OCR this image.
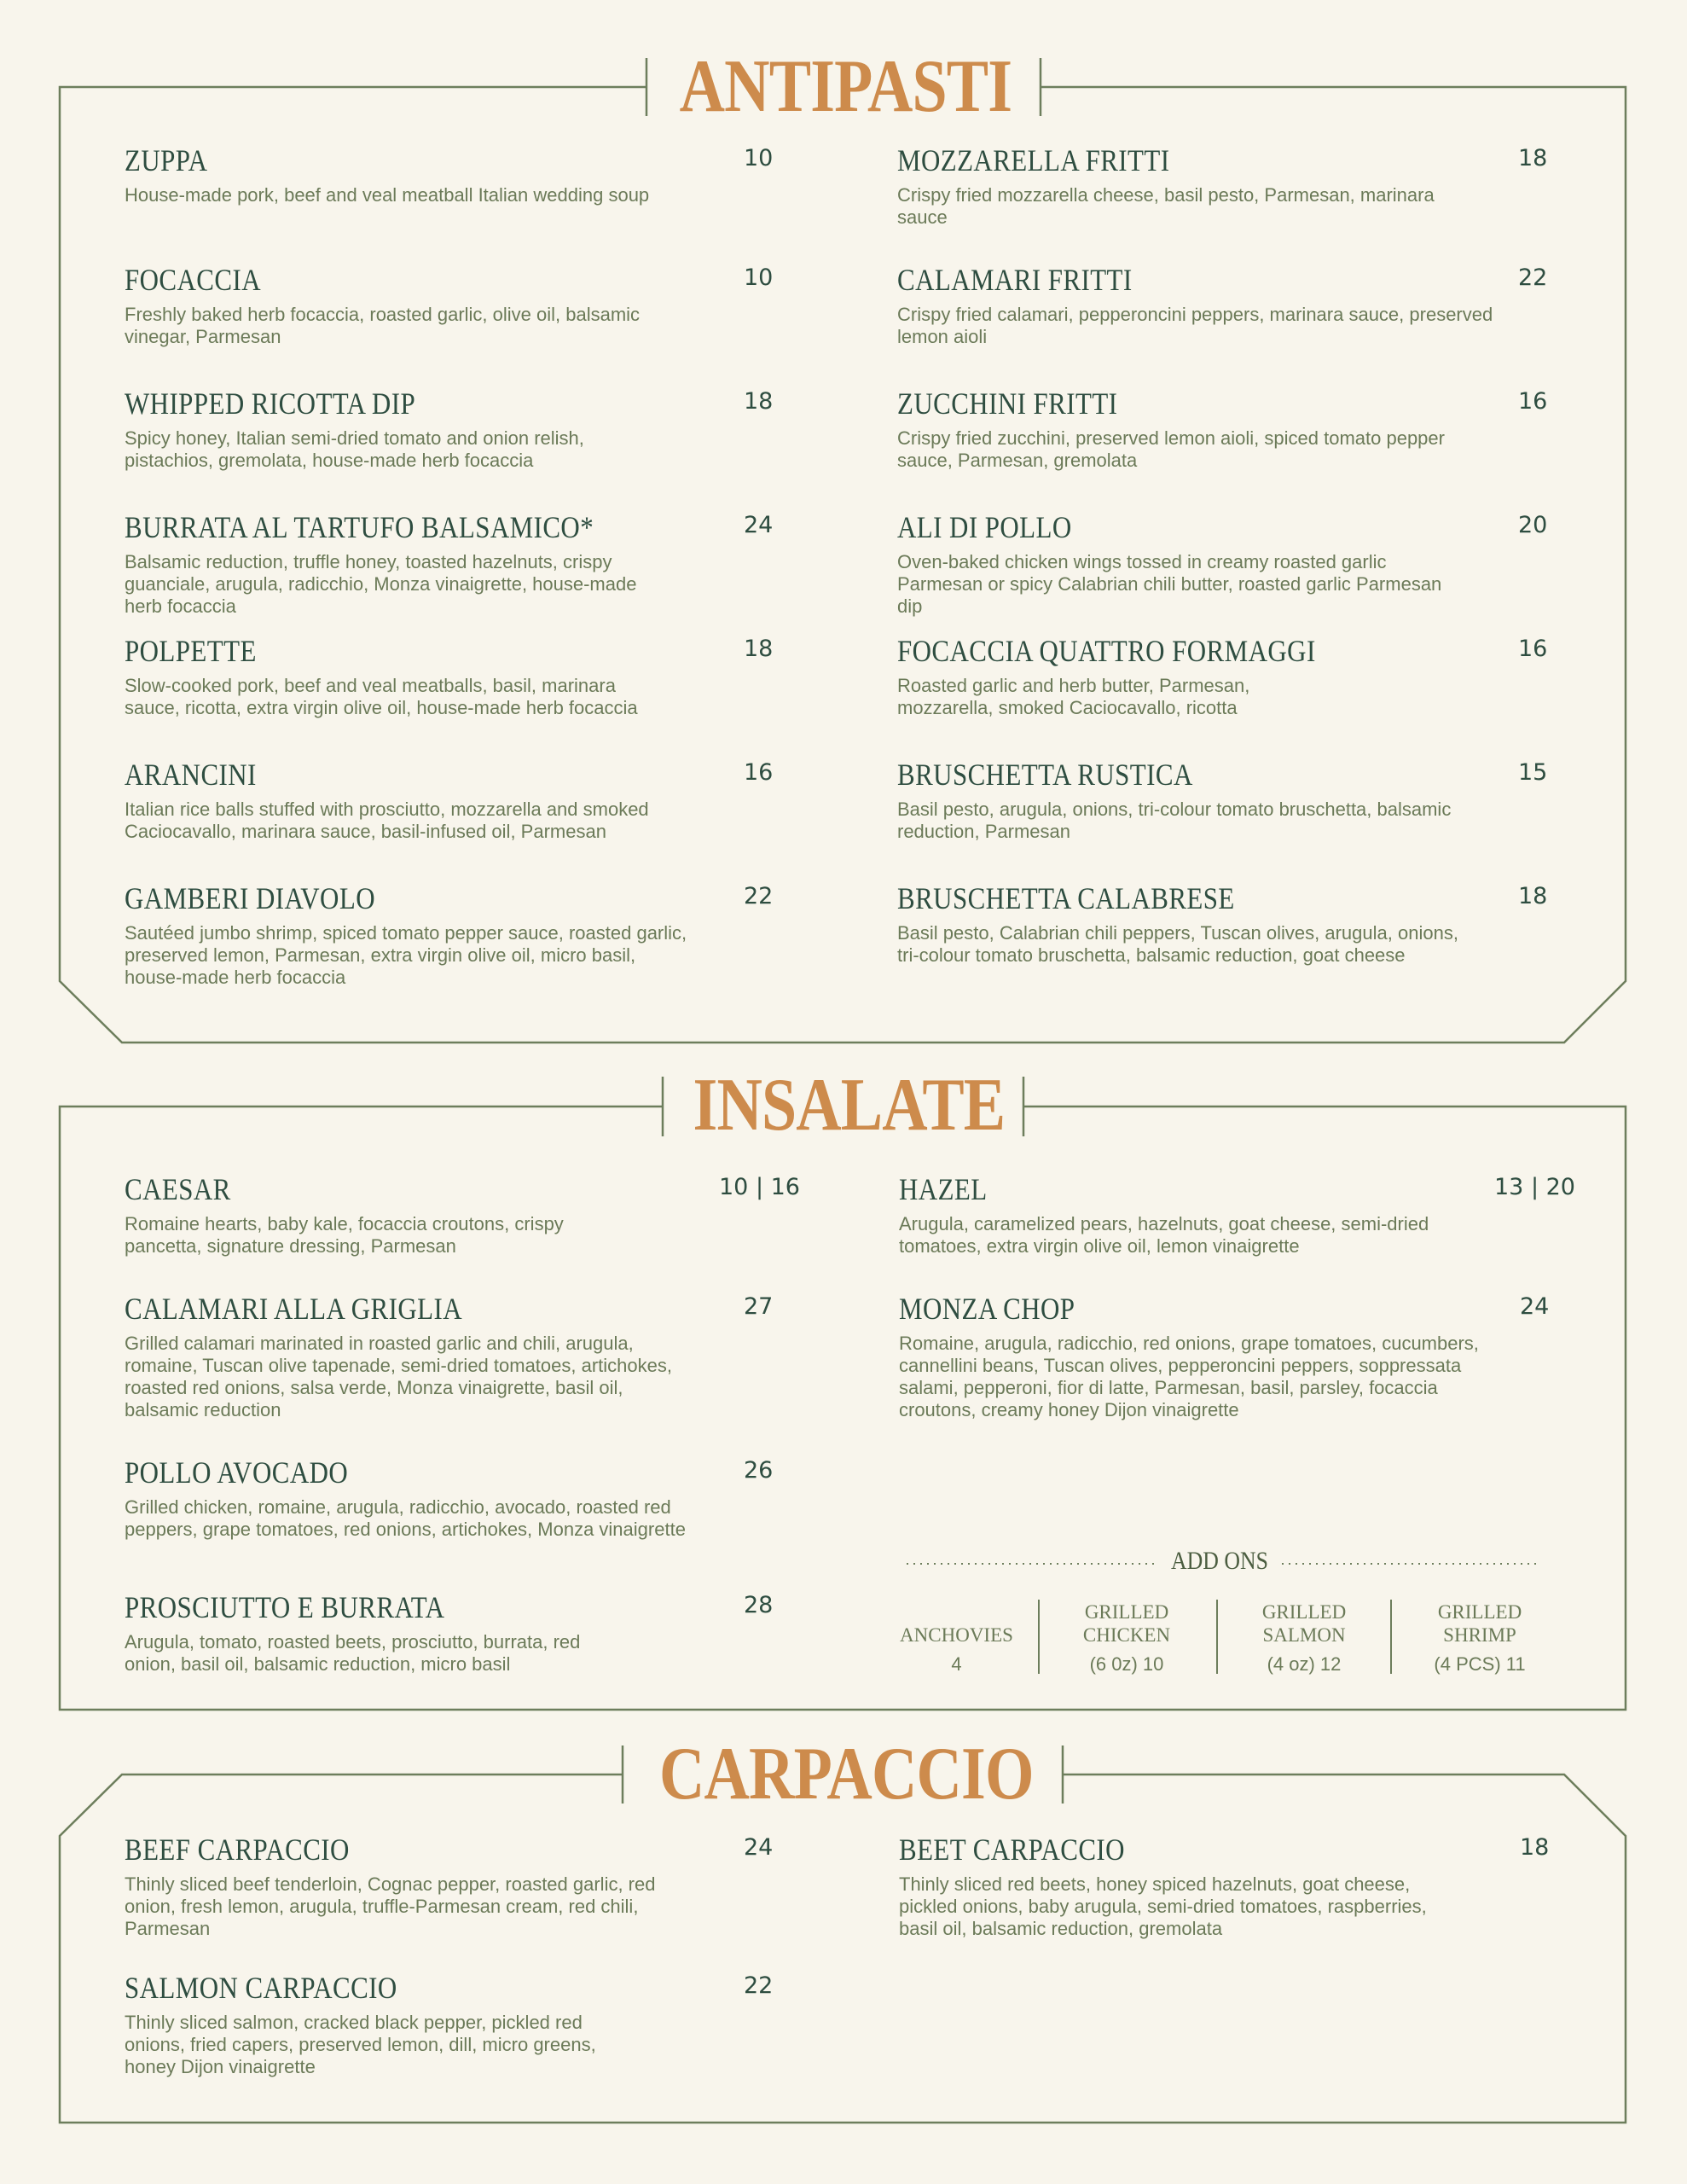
ANTIPASTI
INSALATE
CARPACCIO
ZUPPA
House-made pork, beef and veal meatball Italian wedding soup
10
FOCACCIA
Freshly baked herb focaccia, roasted garlic, olive oil, balsamic vinegar, Parmesan
10
WHIPPED RICOTTA DIP
Spicy honey, Italian semi-dried tomato and onion relish, pistachios, gremolata, house-made herb focaccia
18
BURRATA AL TARTUFO BALSAMICO*
Balsamic reduction, truffle honey, toasted hazelnuts, crispy guanciale, arugula, radicchio, Monza vinaigrette, house-made herb focaccia
24
POLPETTE
Slow-cooked pork, beef and veal meatballs, basil, marinara sauce, ricotta, extra virgin olive oil, house-made herb focaccia
18
ARANCINI
Italian rice balls stuffed with prosciutto, mozzarella and smoked Caciocavallo, marinara sauce, basil-infused oil, Parmesan
16
GAMBERI DIAVOLO
Sautéed jumbo shrimp, spiced tomato pepper sauce, roasted garlic, preserved lemon, Parmesan, extra virgin olive oil, micro basil, house-made herb focaccia
22
MOZZARELLA FRITTI
Crispy fried mozzarella cheese, basil pesto, Parmesan, marinara sauce
18
CALAMARI FRITTI
Crispy fried calamari, pepperoncini peppers, marinara sauce, preserved lemon aioli
22
ZUCCHINI FRITTI
Crispy fried zucchini, preserved lemon aioli, spiced tomato pepper sauce, Parmesan, gremolata
16
ALI DI POLLO
Oven-baked chicken wings tossed in creamy roasted garlic Parmesan or spicy Calabrian chili butter, roasted garlic Parmesan dip
20
FOCACCIA QUATTRO FORMAGGI
Roasted garlic and herb butter, Parmesan, mozzarella, smoked Caciocavallo, ricotta
16
BRUSCHETTA RUSTICA
Basil pesto, arugula, onions, tri-colour tomato bruschetta, balsamic reduction, Parmesan
15
BRUSCHETTA CALABRESE
Basil pesto, Calabrian chili peppers, Tuscan olives, arugula, onions, tri-colour tomato bruschetta, balsamic reduction, goat cheese
18
CAESAR
Romaine hearts, baby kale, focaccia croutons, crispy pancetta, signature dressing, Parmesan
10 | 16
CALAMARI ALLA GRIGLIA
Grilled calamari marinated in roasted garlic and chili, arugula, romaine, Tuscan olive tapenade, semi-dried tomatoes, artichokes, roasted red onions, salsa verde, Monza vinaigrette, basil oil, balsamic reduction
27
POLLO AVOCADO
Grilled chicken, romaine, arugula, radicchio, avocado, roasted red peppers, grape tomatoes, red onions, artichokes, Monza vinaigrette
26
PROSCIUTTO E BURRATA
Arugula, tomato, roasted beets, prosciutto, burrata, red onion, basil oil, balsamic reduction, micro basil
28
HAZEL
Arugula, caramelized pears, hazelnuts, goat cheese, semi-dried tomatoes, extra virgin olive oil, lemon vinaigrette
13 | 20
MONZA CHOP
Romaine, arugula, radicchio, red onions, grape tomatoes, cucumbers, cannellini beans, Tuscan olives, pepperoncini peppers, soppressata salami, pepperoni, fior di latte, Parmesan, basil, parsley, focaccia croutons, creamy honey Dijon vinaigrette
24
ADD ONS
ANCHOVIES
4
GRILLED CHICKEN
(6 0z) 10
GRILLED SALMON
(4 oz) 12
GRILLED SHRIMP
(4 PCS) 11
BEEF CARPACCIO
Thinly sliced beef tenderloin, Cognac pepper, roasted garlic, red onion, fresh lemon, arugula, truffle-Parmesan cream, red chili, Parmesan
24
SALMON CARPACCIO
Thinly sliced salmon, cracked black pepper, pickled red onions, fried capers, preserved lemon, dill, micro greens, honey Dijon vinaigrette
22
BEET CARPACCIO
Thinly sliced red beets, honey spiced hazelnuts, goat cheese, pickled onions, baby arugula, semi-dried tomatoes, raspberries, basil oil, balsamic reduction, gremolata
18
